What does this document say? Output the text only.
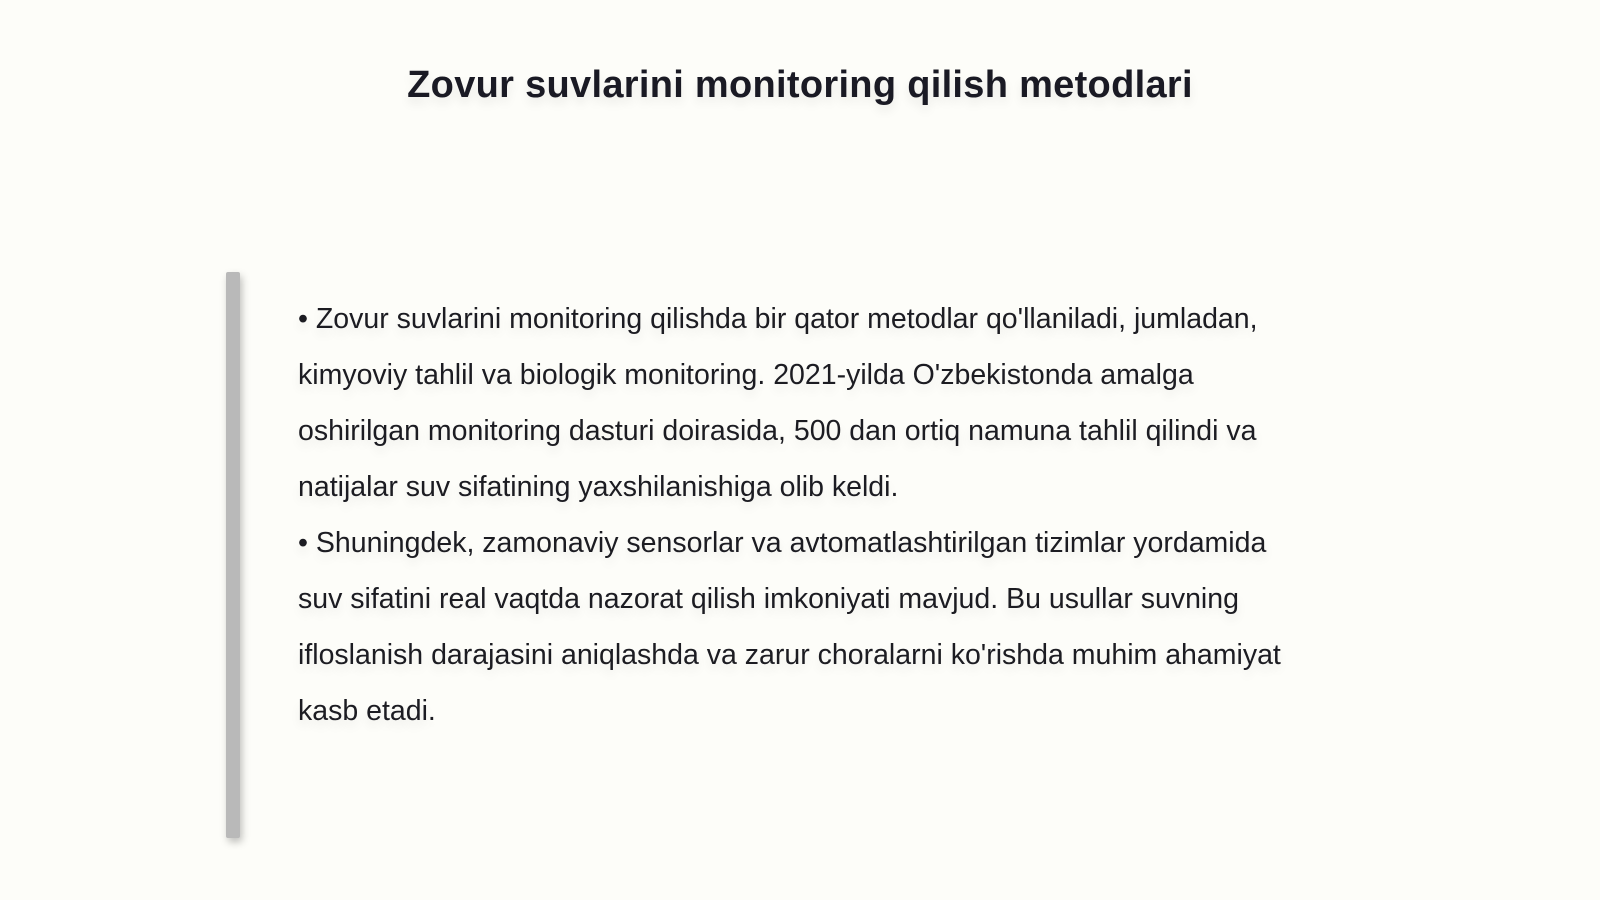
Zovur suvlarini monitoring qilish metodlari

• Zovur suvlarini monitoring qilishda bir qator metodlar qo'llaniladi, jumladan, kimyoviy tahlil va biologik monitoring. 2021-yilda O'zbekistonda amalga oshirilgan monitoring dasturi doirasida, 500 dan ortiq namuna tahlil qilindi va natijalar suv sifatining yaxshilanishiga olib keldi.

• Shuningdek, zamonaviy sensorlar va avtomatlashtirilgan tizimlar yordamida suv sifatini real vaqtda nazorat qilish imkoniyati mavjud. Bu usullar suvning ifloslanish darajasini aniqlashda va zarur choralarni ko'rishda muhim ahamiyat kasb etadi.
